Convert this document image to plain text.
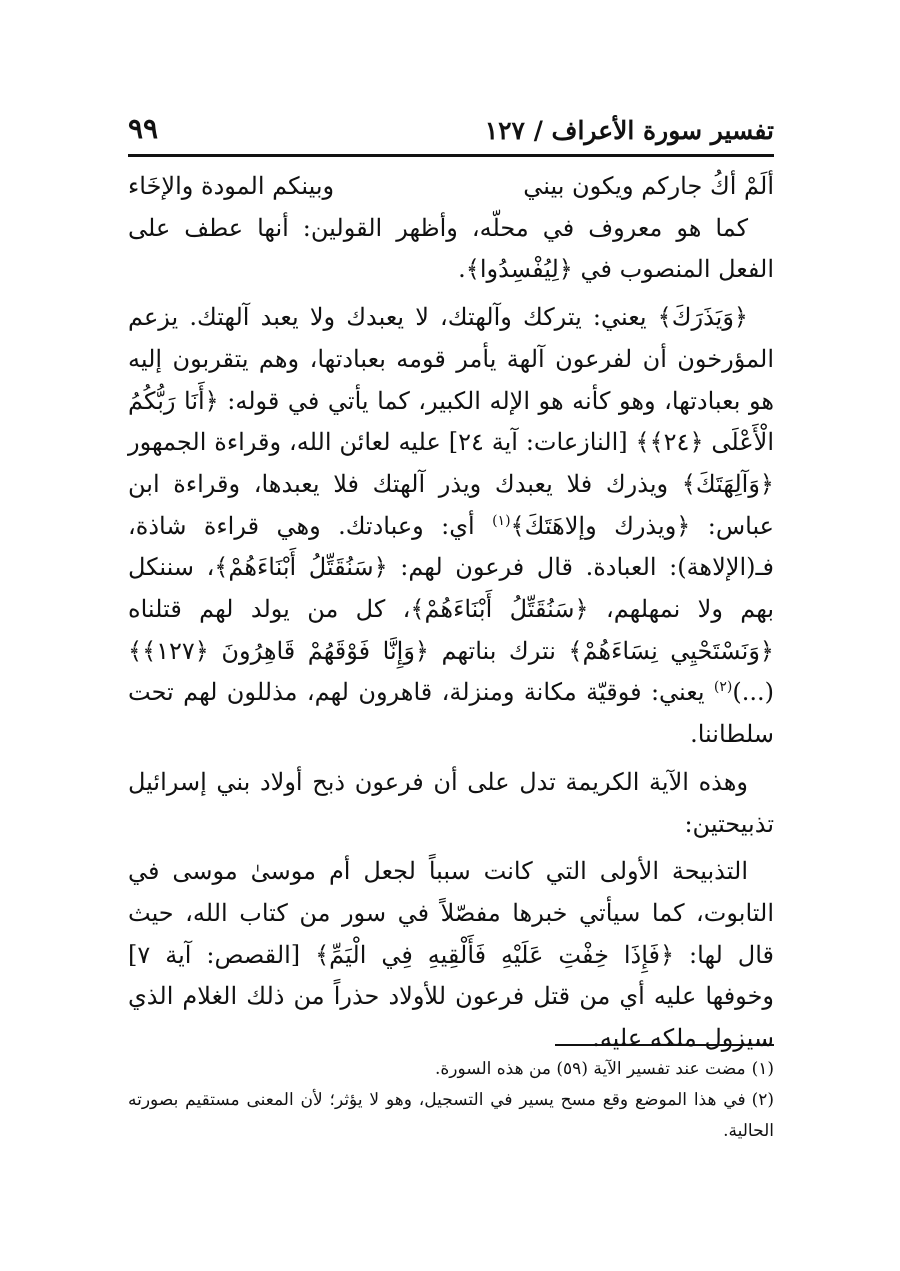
تفسير سورة الأعراف / ١٢٧
٩٩
ألَمْ أكُ جاركم ويكون بيني
وبينكم المودة والإخَاء

كما هو معروف في محلّه، وأظهر القولين: أنها عطف على الفعل المنصوب في ﴿لِيُفْسِدُوا﴾.

﴿وَيَذَرَكَ﴾ يعني: يتركك وآلهتك، لا يعبدك ولا يعبد آلهتك. يزعم المؤرخون أن لفرعون آلهة يأمر قومه بعبادتها، وهم يتقربون إليه هو بعبادتها، وهو كأنه هو الإله الكبير، كما يأتي في قوله: ﴿أَنَا رَبُّكُمُ الْأَعْلَى ﴿٢٤﴾﴾ [النازعات: آية ٢٤] عليه لعائن الله، وقراءة الجمهور ﴿وَآلِهَتَكَ﴾ ويذرك فلا يعبدك ويذر آلهتك فلا يعبدها، وقراءة ابن عباس: ﴿ويذرك وإلاهَتَكَ﴾$^{(١)}$ أي: وعبادتك. وهي قراءة شاذة، فـ(الإلاهة): العبادة. قال فرعون لهم: ﴿سَنُقَتِّلُ أَبْنَاءَهُمْ﴾، سننكل بهم ولا نمهلهم، ﴿سَنُقَتِّلُ أَبْنَاءَهُمْ﴾، كل من يولد لهم قتلناه ﴿وَنَسْتَحْيِي نِسَاءَهُمْ﴾ نترك بناتهم ﴿وَإِنَّا فَوْقَهُمْ قَاهِرُونَ ﴿١٢٧﴾﴾ (...)$^{(٢)}$ يعني: فوقيّة مكانة ومنزلة، قاهرون لهم، مذللون لهم تحت سلطاننا.

وهذه الآية الكريمة تدل على أن فرعون ذبح أولاد بني إسرائيل تذبيحتين:

التذبيحة الأولى التي كانت سبباً لجعل أم موسىٰ موسى في التابوت، كما سيأتي خبرها مفصّلاً في سور من كتاب الله، حيث قال لها: ﴿فَإِذَا خِفْتِ عَلَيْهِ فَأَلْقِيهِ فِي الْيَمِّ﴾ [القصص: آية ٧] وخوفها عليه أي من قتل فرعون للأولاد حذراً من ذلك الغلام الذي سيزول ملكه عليه.

(١)مضت عند تفسير الآية (٥٩) من هذه السورة.

(٢)في هذا الموضع وقع مسح يسير في التسجيل، وهو لا يؤثر؛ لأن المعنى مستقيم بصورته الحالية.
